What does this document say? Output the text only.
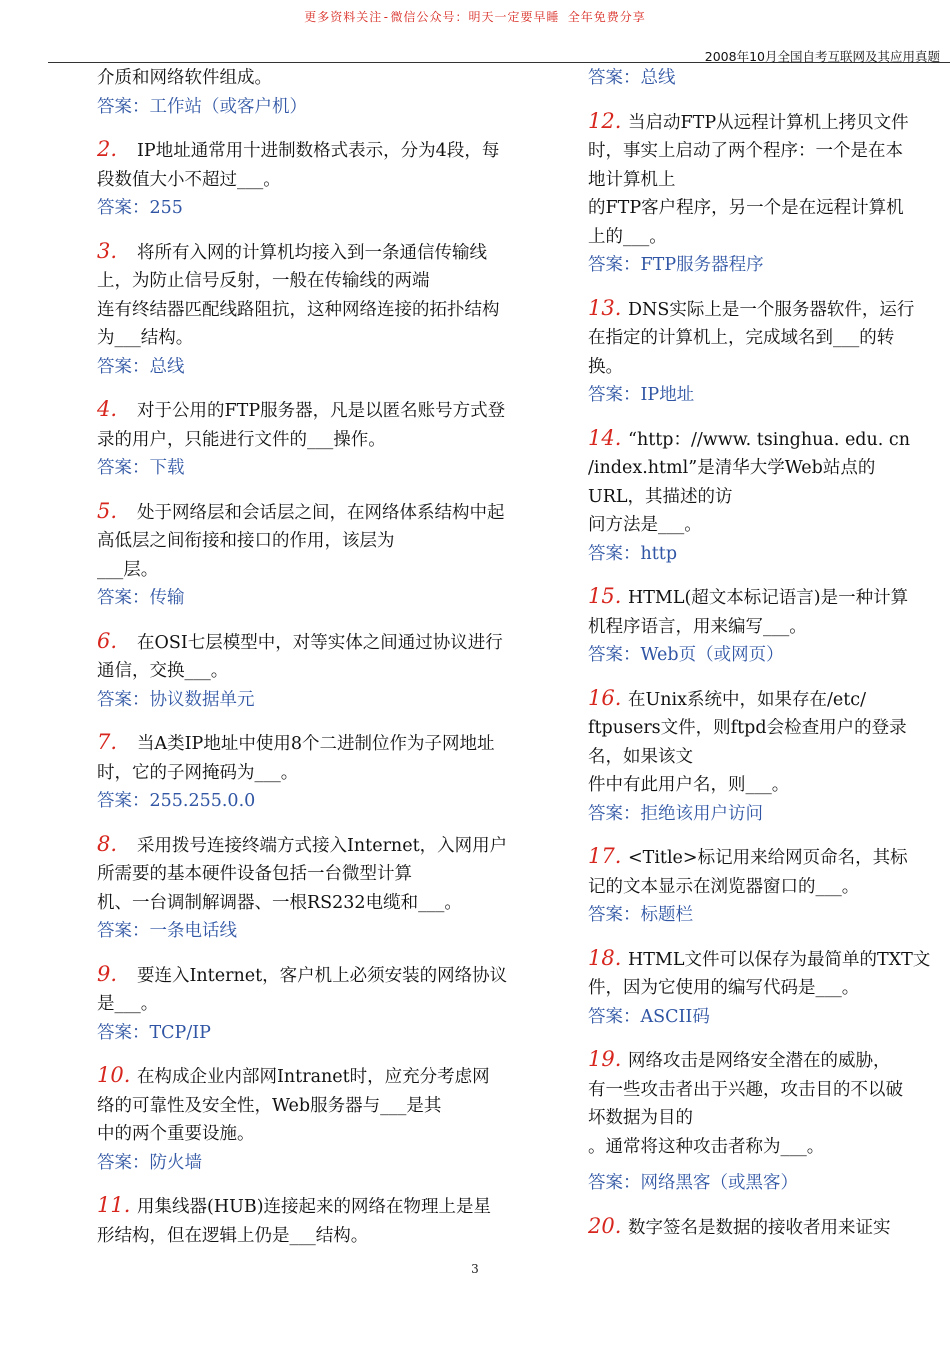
更多资料关注-微信公众号：明天一定要早睡 全年免费分享
2008年10月全国自考互联网及其应用真题
介质和网络软件组成。
答案：工作站（或客户机）
2. IP地址通常用十进制数格式表示，分为4段，每
段数值大小不超过___。
答案：255
3. 将所有入网的计算机均接入到一条通信传输线
上，为防止信号反射，一般在传输线的两端
连有终结器匹配线路阻抗，这种网络连接的拓扑结构
为___结构。
答案：总线
4. 对于公用的FTP服务器，凡是以匿名账号方式登
录的用户，只能进行文件的___操作。
答案：下载
5. 处于网络层和会话层之间，在网络体系结构中起
高低层之间衔接和接口的作用，该层为
___层。
答案：传输
6. 在OSI七层模型中，对等实体之间通过协议进行
通信，交换___。
答案：协议数据单元
7. 当A类IP地址中使用8个二进制位作为子网地址
时，它的子网掩码为___。
答案：255.255.0.0
8. 采用拨号连接终端方式接入Internet，入网用户
所需要的基本硬件设备包括一台微型计算
机、一台调制解调器、一根RS232电缆和___。
答案：一条电话线
9. 要连入Internet，客户机上必须安装的网络协议
是___。
答案：TCP/IP
10. 在构成企业内部网Intranet时，应充分考虑网
络的可靠性及安全性，Web服务器与___是其
中的两个重要设施。
答案：防火墙
11. 用集线器(HUB)连接起来的网络在物理上是星
形结构，但在逻辑上仍是___结构。
答案：总线
12. 当启动FTP从远程计算机上拷贝文件
时，事实上启动了两个程序：一个是在本
地计算机上
的FTP客户程序，另一个是在远程计算机
上的___。
答案：FTP服务器程序
13. DNS实际上是一个服务器软件，运行
在指定的计算机上，完成域名到___的转
换。
答案：IP地址
14. “http：//www. tsinghua. edu. cn
/index.html”是清华大学Web站点的
URL，其描述的访
问方法是___。
答案：http
15. HTML(超文本标记语言)是一种计算
机程序语言，用来编写___。
答案：Web页（或网页）
16. 在Unix系统中，如果存在/etc/
ftpusers文件，则ftpd会检查用户的登录
名，如果该文
件中有此用户名，则___。
答案：拒绝该用户访问
17. <Title>标记用来给网页命名，其标
记的文本显示在浏览器窗口的___。
答案：标题栏
18. HTML文件可以保存为最简单的TXT文
件，因为它使用的编写代码是___。
答案：ASCII码
19. 网络攻击是网络安全潜在的威胁，
有一些攻击者出于兴趣，攻击目的不以破
坏数据为目的
。通常将这种攻击者称为___。
答案：网络黑客（或黑客）
20. 数字签名是数据的接收者用来证实
3
